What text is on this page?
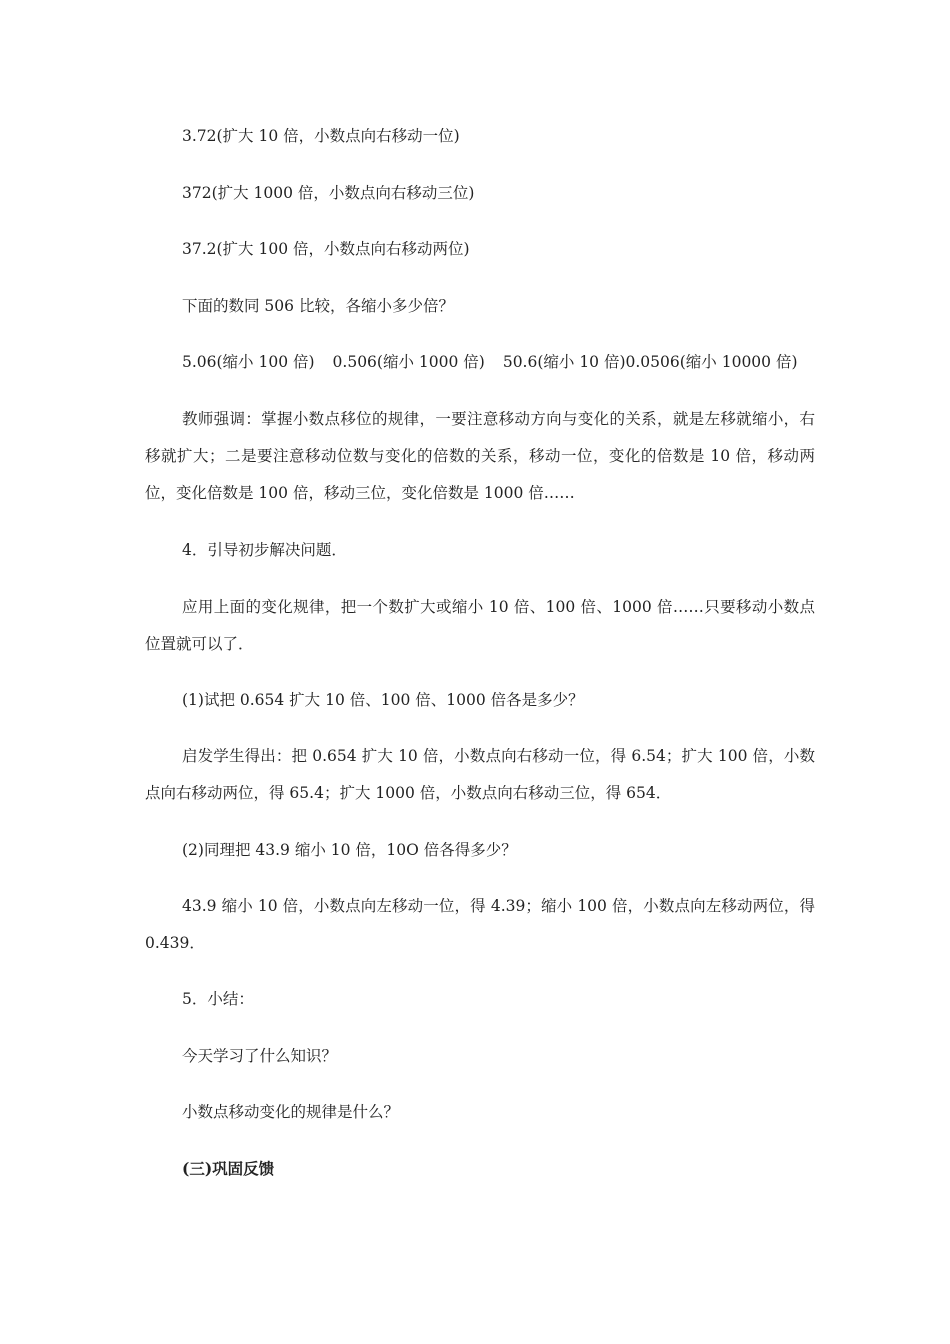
3.72(扩大 10 倍，小数点向右移动一位)

372(扩大 1000 倍，小数点向右移动三位)

37.2(扩大 100 倍，小数点向右移动两位)

下面的数同 506 比较，各缩小多少倍？

5.06(缩小 100 倍) 0.506(缩小 1000 倍) 50.6(缩小 10 倍)0.0506(缩小 10000 倍)

教师强调：掌握小数点移位的规律，一要注意移动方向与变化的关系，就是左移就缩小，右移就扩大；二是要注意移动位数与变化的倍数的关系，移动一位，变化的倍数是 10 倍，移动两位，变化倍数是 100 倍，移动三位，变化倍数是 1000 倍……

4．引导初步解决问题．

应用上面的变化规律，把一个数扩大或缩小 10 倍、100 倍、1000 倍……只要移动小数点位置就可以了．

(1)试把 0.654 扩大 10 倍、100 倍、1000 倍各是多少？

启发学生得出：把 0.654 扩大 10 倍，小数点向右移动一位，得 6.54；扩大 100 倍，小数点向右移动两位，得 65.4；扩大 1000 倍，小数点向右移动三位，得 654．

(2)同理把 43.9 缩小 10 倍，10O 倍各得多少？

43.9 缩小 10 倍，小数点向左移动一位，得 4.39；缩小 100 倍，小数点向左移动两位，得 0.439．

5．小结：

今天学习了什么知识？

小数点移动变化的规律是什么？

(三)巩固反馈
